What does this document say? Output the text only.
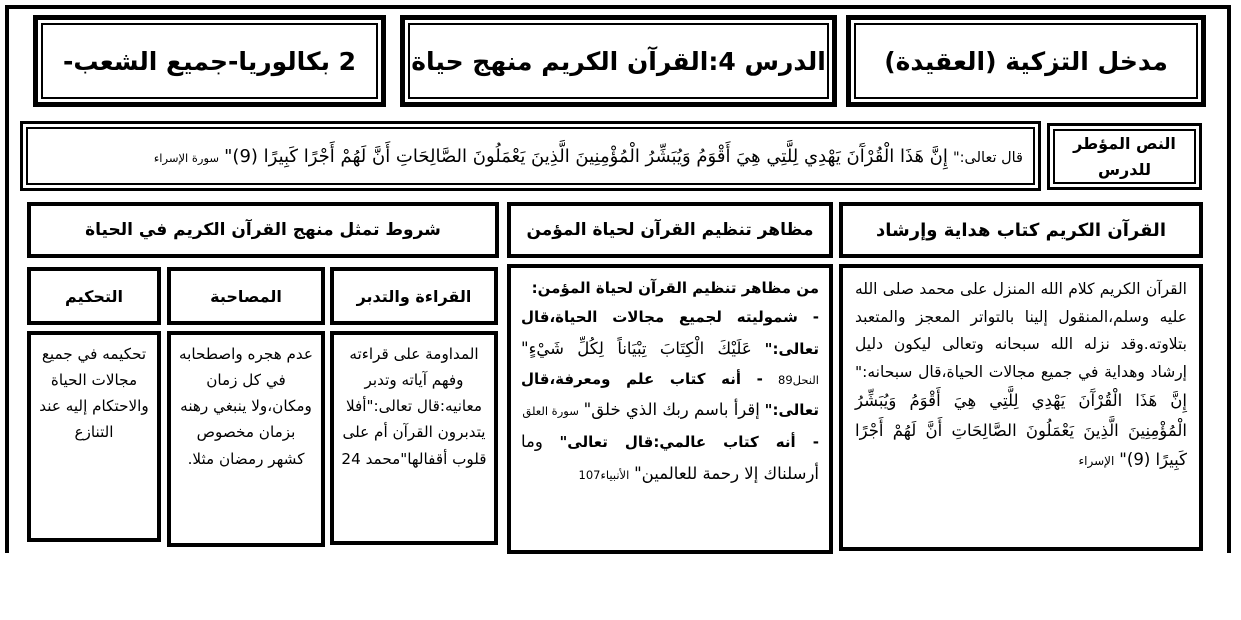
مدخل التزكية (العقيدة)
الدرس 4:القرآن الكريم منهج حياة
2 بكالوريا-جميع الشعب-
النص المؤطر
للدرس
قال تعالى:" إِنَّ هَذَا الْقُرْآَنَ يَهْدِي لِلَّتِي هِيَ أَقْوَمُ وَيُبَشِّرُ الْمُؤْمِنِينَ الَّذِينَ يَعْمَلُونَ الصَّالِحَاتِ أَنَّ لَهُمْ أَجْرًا كَبِيرًا (9)" سورة الإسراء
القرآن الكريم كتاب هداية وإرشاد
مظاهر تنظيم القرآن لحياة المؤمن
شروط تمثل منهج القرآن الكريم في الحياة
القرآن الكريم كلام الله المنزل على محمد صلى الله عليه وسلم،المنقول إلينا بالتواتر المعجز والمتعبد بتلاوته.وقد نزله الله سبحانه وتعالى ليكون دليل إرشاد وهداية في جميع مجالات الحياة،قال سبحانه:" إِنَّ هَذَا الْقُرْآَنَ يَهْدِي لِلَّتِي هِيَ أَقْوَمُ وَيُبَشِّرُ الْمُؤْمِنِينَ الَّذِينَ يَعْمَلُونَ الصَّالِحَاتِ أَنَّ لَهُمْ أَجْرًا كَبِيرًا (9)" الإسراء
من مظاهر تنظيم القرآن لحياة المؤمن:

- شموليته لجميع مجالات الحياة،قال تعالى:" عَلَيْكَ الْكِتَابَ تِبْيَاناً لِكُلِّ شَيْءٍ" النحل89 - أنه كتاب علم ومعرفة،قال تعالى:" إقرأ باسم ربك الذي خلق" سورة العلق
- أنه كتاب عالمي:قال تعالى" وما أرسلناك إلا رحمة للعالمين" الأنبياء107

القراءة والتدبر
المصاحبة
التحكيم
المداومة على قراءته وفهم آياته وتدبر معانيه:قال تعالى:"أفلا يتدبرون القرآن أم على قلوب أقفالها"محمد 24
عدم هجره واصطحابه في كل زمان ومكان،ولا ينبغي رهنه بزمان مخصوص كشهر رمضان مثلا.
تحكيمه في جميع مجالات الحياة والاحتكام إليه عند التنازع
